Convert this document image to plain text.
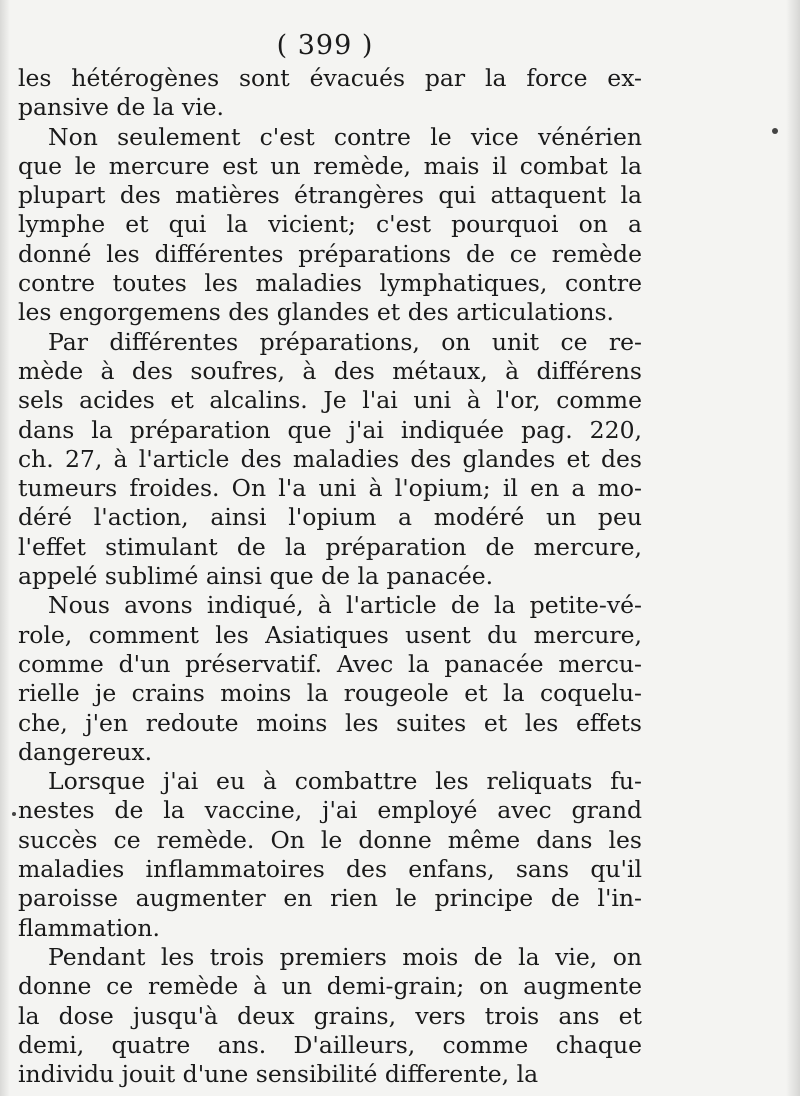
( 399 )
les hétérogènes sont évacués par la force ex-
pansive de la vie.
Non seulement c'est contre le vice vénérien
que le mercure est un remède, mais il combat la
plupart des matières étrangères qui attaquent la
lymphe et qui la vicient; c'est pourquoi on a
donné les différentes préparations de ce remède
contre toutes les maladies lymphatiques, contre
les engorgemens des glandes et des articulations.
Par différentes préparations, on unit ce re-
mède à des soufres, à des métaux, à différens
sels acides et alcalins. Je l'ai uni à l'or, comme
dans la préparation que j'ai indiquée pag. 220,
ch. 27, à l'article des maladies des glandes et des
tumeurs froides. On l'a uni à l'opium; il en a mo-
déré l'action, ainsi l'opium a modéré un peu
l'effet stimulant de la préparation de mercure,
appelé sublimé ainsi que de la panacée.
Nous avons indiqué, à l'article de la petite-vé-
role, comment les Asiatiques usent du mercure,
comme d'un préservatif. Avec la panacée mercu-
rielle je crains moins la rougeole et la coquelu-
che, j'en redoute moins les suites et les effets
dangereux.
Lorsque j'ai eu à combattre les reliquats fu-
nestes de la vaccine, j'ai employé avec grand
succès ce remède. On le donne même dans les
maladies inflammatoires des enfans, sans qu'il
paroisse augmenter en rien le principe de l'in-
flammation.
Pendant les trois premiers mois de la vie, on
donne ce remède à un demi-grain; on augmente
la dose jusqu'à deux grains, vers trois ans et
demi, quatre ans. D'ailleurs, comme chaque
individu jouit d'une sensibilité differente, la
